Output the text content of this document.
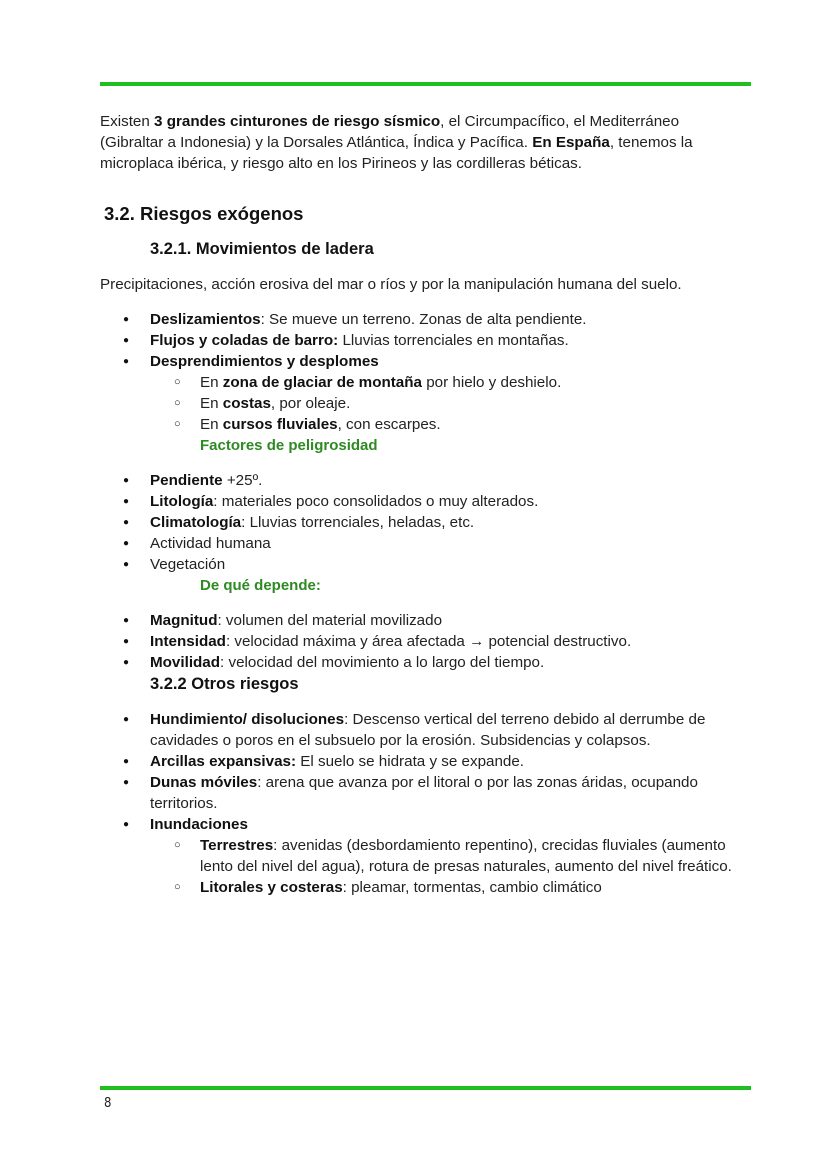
Existen 3 grandes cinturones de riesgo sísmico, el Circumpacífico, el Mediterráneo (Gibraltar a Indonesia) y la Dorsales Atlántica, Índica y Pacífica. En España, tenemos la microplaca ibérica, y riesgo alto en los Pirineos y las cordilleras béticas.

3.2. Riesgos exógenos
3.2.1. Movimientos de ladera

Precipitaciones, acción erosiva del mar o ríos y por la manipulación humana del suelo.

● Deslizamientos: Se mueve un terreno. Zonas de alta pendiente.
● Flujos y coladas de barro: Lluvias torrenciales en montañas.
● Desprendimientos y desplomes
○ En zona de glaciar de montaña por hielo y deshielo.
○ En costas, por oleaje.
○ En cursos fluviales, con escarpes.
Factores de peligrosidad
● Pendiente +25º.
● Litología: materiales poco consolidados o muy alterados.
● Climatología: Lluvias torrenciales, heladas, etc.
● Actividad humana
● Vegetación
De qué depende:
● Magnitud: volumen del material movilizado
● Intensidad: velocidad máxima y área afectada → potencial destructivo.
● Movilidad: velocidad del movimiento a lo largo del tiempo.
3.2.2 Otros riesgos
● Hundimiento/ disoluciones: Descenso vertical del terreno debido al derrumbe de cavidades o poros en el subsuelo por la erosión. Subsidencias y colapsos.
● Arcillas expansivas: El suelo se hidrata y se expande.
● Dunas móviles: arena que avanza por el litoral o por las zonas áridas, ocupando territorios.
● Inundaciones
○ Terrestres: avenidas (desbordamiento repentino), crecidas fluviales (aumento lento del nivel del agua), rotura de presas naturales, aumento del nivel freático.
○ Litorales y costeras: pleamar, tormentas, cambio climático
8
